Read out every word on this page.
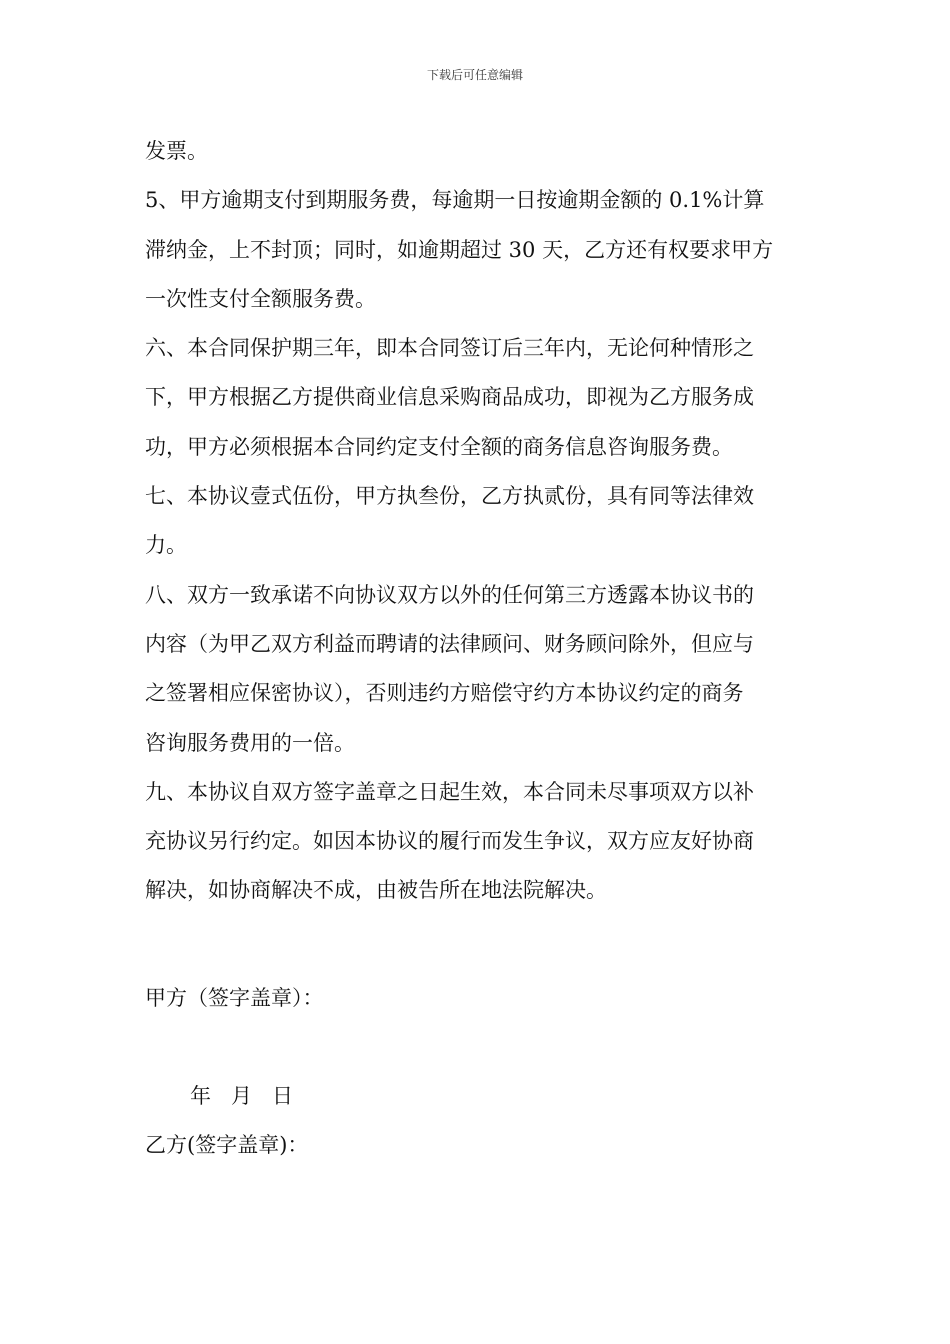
下载后可任意编辑
发票。
5、甲方逾期支付到期服务费，每逾期一日按逾期金额的 0.1%计算
滞纳金，上不封顶；同时，如逾期超过 30 天，乙方还有权要求甲方
一次性支付全额服务费。
六、本合同保护期三年，即本合同签订后三年内，无论何种情形之
下，甲方根据乙方提供商业信息采购商品成功，即视为乙方服务成
功，甲方必须根据本合同约定支付全额的商务信息咨询服务费。
七、本协议壹式伍份，甲方执叁份，乙方执贰份，具有同等法律效
力。
八、双方一致承诺不向协议双方以外的任何第三方透露本协议书的
内容（为甲乙双方利益而聘请的法律顾问、财务顾问除外，但应与
之签署相应保密协议），否则违约方赔偿守约方本协议约定的商务
咨询服务费用的一倍。
九、本协议自双方签字盖章之日起生效，本合同未尽事项双方以补
充协议另行约定。如因本协议的履行而发生争议，双方应友好协商
解决，如协商解决不成，由被告所在地法院解决。
甲方（签字盖章）：
年   月   日
乙方(签字盖章)：
